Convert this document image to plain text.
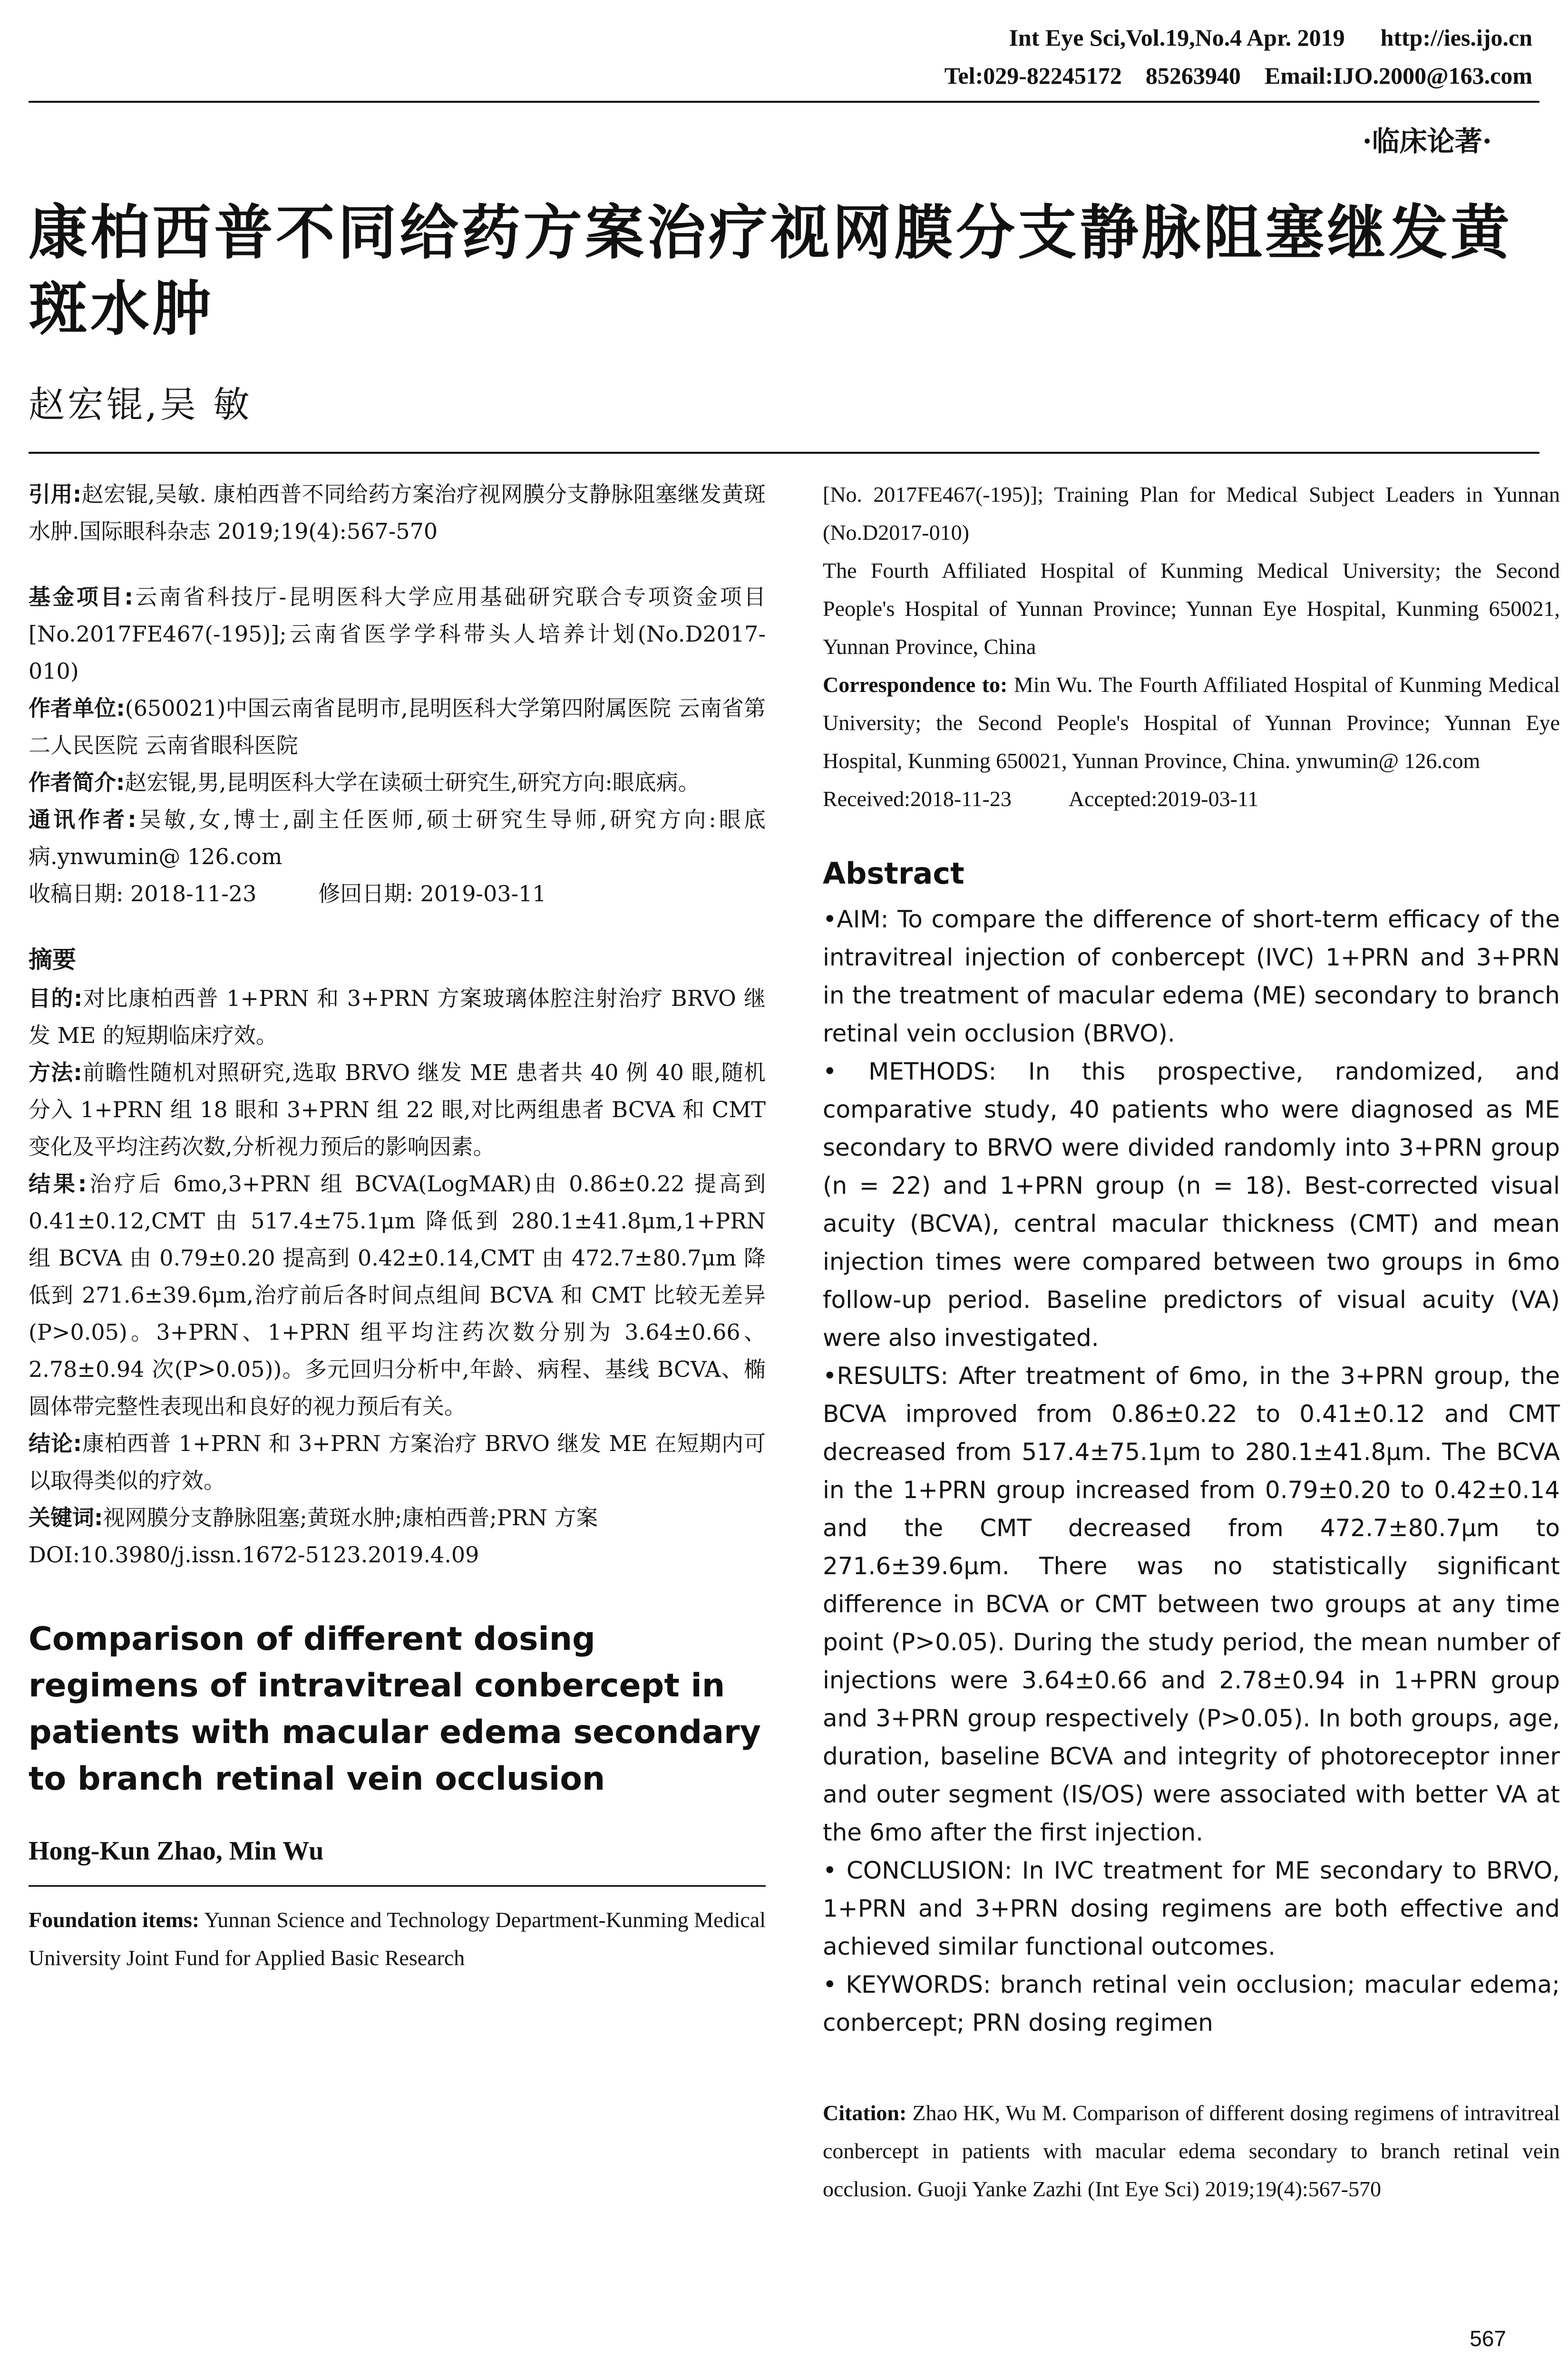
Int Eye Sci,Vol.19,No.4 Apr. 2019      http://ies.ijo.cn
Tel:029-82245172    85263940    Email:IJO.2000@163.com
·临床论著·
康柏西普不同给药方案治疗视网膜分支静脉阻塞继发黄斑水肿
赵宏锟,吴 敏

引用:赵宏锟,吴敏. 康柏西普不同给药方案治疗视网膜分支静脉阻塞继发黄斑水肿.国际眼科杂志 2019;19(4):567-570

基金项目:云南省科技厅-昆明医科大学应用基础研究联合专项资金项目[No.2017FE467(-195)];云南省医学学科带头人培养计划(No.D2017-010)

作者单位:(650021)中国云南省昆明市,昆明医科大学第四附属医院 云南省第二人民医院 云南省眼科医院

作者简介:赵宏锟,男,昆明医科大学在读硕士研究生,研究方向:眼底病。

通讯作者:吴敏,女,博士,副主任医师,硕士研究生导师,研究方向:眼底病.ynwumin@ 126.com

收稿日期: 2018-11-23	修回日期: 2019-03-11

摘要

目的:对比康柏西普 1+PRN 和 3+PRN 方案玻璃体腔注射治疗 BRVO 继发 ME 的短期临床疗效。

方法:前瞻性随机对照研究,选取 BRVO 继发 ME 患者共 40 例 40 眼,随机分入 1+PRN 组 18 眼和 3+PRN 组 22 眼,对比两组患者 BCVA 和 CMT 变化及平均注药次数,分析视力预后的影响因素。

结果:治疗后 6mo,3+PRN 组 BCVA(LogMAR)由 0.86±0.22 提高到 0.41±0.12,CMT 由 517.4±75.1μm 降低到 280.1±41.8μm,1+PRN 组 BCVA 由 0.79±0.20 提高到 0.42±0.14,CMT 由 472.7±80.7μm 降低到 271.6±39.6μm,治疗前后各时间点组间 BCVA 和 CMT 比较无差异(P>0.05)。3+PRN、1+PRN 组平均注药次数分别为 3.64±0.66、2.78±0.94 次(P>0.05))。多元回归分析中,年龄、病程、基线 BCVA、椭圆体带完整性表现出和良好的视力预后有关。

结论:康柏西普 1+PRN 和 3+PRN 方案治疗 BRVO 继发 ME 在短期内可以取得类似的疗效。

关键词:视网膜分支静脉阻塞;黄斑水肿;康柏西普;PRN 方案

DOI:10.3980/j.issn.1672-5123.2019.4.09

Comparison of different dosing regimens of intravitreal conbercept in patients with macular edema secondary to branch retinal vein occlusion
Hong-Kun Zhao, Min Wu

Foundation items: Yunnan Science and Technology Department-Kunming Medical University Joint Fund for Applied Basic Research

[No. 2017FE467(-195)]; Training Plan for Medical Subject Leaders in Yunnan (No.D2017-010)

The Fourth Affiliated Hospital of Kunming Medical University; the Second People's Hospital of Yunnan Province; Yunnan Eye Hospital, Kunming 650021, Yunnan Province, China

Correspondence to: Min Wu. The Fourth Affiliated Hospital of Kunming Medical University; the Second People's Hospital of Yunnan Province; Yunnan Eye Hospital, Kunming 650021, Yunnan Province, China. ynwumin@ 126.com

Received:2018-11-23	Accepted:2019-03-11

Abstract

•AIM: To compare the difference of short-term efficacy of the intravitreal injection of conbercept (IVC) 1+PRN and 3+PRN in the treatment of macular edema (ME) secondary to branch retinal vein occlusion (BRVO).

• METHODS: In this prospective, randomized, and comparative study, 40 patients who were diagnosed as ME secondary to BRVO were divided randomly into 3+PRN group (n = 22) and 1+PRN group (n = 18). Best-corrected visual acuity (BCVA), central macular thickness (CMT) and mean injection times were compared between two groups in 6mo follow-up period. Baseline predictors of visual acuity (VA) were also investigated.

•RESULTS: After treatment of 6mo, in the 3+PRN group, the BCVA improved from 0.86±0.22 to 0.41±0.12 and CMT decreased from 517.4±75.1μm to 280.1±41.8μm. The BCVA in the 1+PRN group increased from 0.79±0.20 to 0.42±0.14 and the CMT decreased from 472.7±80.7μm to 271.6±39.6μm. There was no statistically significant difference in BCVA or CMT between two groups at any time point (P>0.05). During the study period, the mean number of injections were 3.64±0.66 and 2.78±0.94 in 1+PRN group and 3+PRN group respectively (P>0.05). In both groups, age, duration, baseline BCVA and integrity of photoreceptor inner and outer segment (IS/OS) were associated with better VA at the 6mo after the first injection.

• CONCLUSION: In IVC treatment for ME secondary to BRVO, 1+PRN and 3+PRN dosing regimens are both effective and achieved similar functional outcomes.

• KEYWORDS: branch retinal vein occlusion; macular edema; conbercept; PRN dosing regimen

Citation: Zhao HK, Wu M. Comparison of different dosing regimens of intravitreal conbercept in patients with macular edema secondary to branch retinal vein occlusion. Guoji Yanke Zazhi (Int Eye Sci) 2019;19(4):567-570

567
